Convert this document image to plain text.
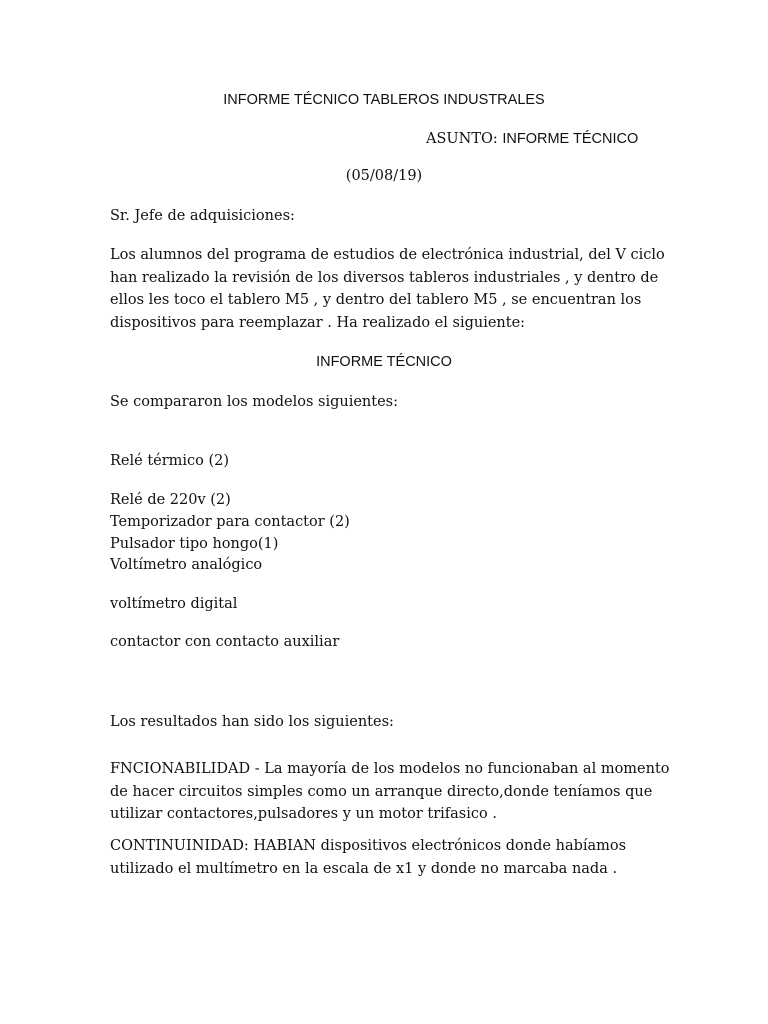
INFORME TÉCNICO TABLEROS INDUSTRALES
ASUNTO: INFORME TÉCNICO
(05/08/19)
Sr. Jefe de adquisiciones:
Los alumnos del programa de estudios de electrónica industrial, del V ciclo
han realizado la revisión de los diversos tableros industriales , y dentro de
ellos les toco el tablero M5 , y dentro del tablero M5 , se encuentran los
dispositivos para reemplazar . Ha realizado el siguiente:
INFORME TÉCNICO
Se compararon los modelos siguientes:
Relé térmico (2)
Relé de 220v (2)
Temporizador para contactor (2)
Pulsador tipo hongo(1)
Voltímetro analógico
voltímetro digital
contactor con contacto auxiliar
Los resultados han sido los siguientes:
FNCIONABILIDAD - La mayoría de los modelos no funcionaban al momento
de hacer circuitos simples como un arranque directo,donde teníamos que
utilizar contactores,pulsadores y un motor trifasico .
CONTINUINIDAD: HABIAN dispositivos electrónicos donde habíamos
utilizado el multímetro en la escala de x1 y donde no marcaba nada .
